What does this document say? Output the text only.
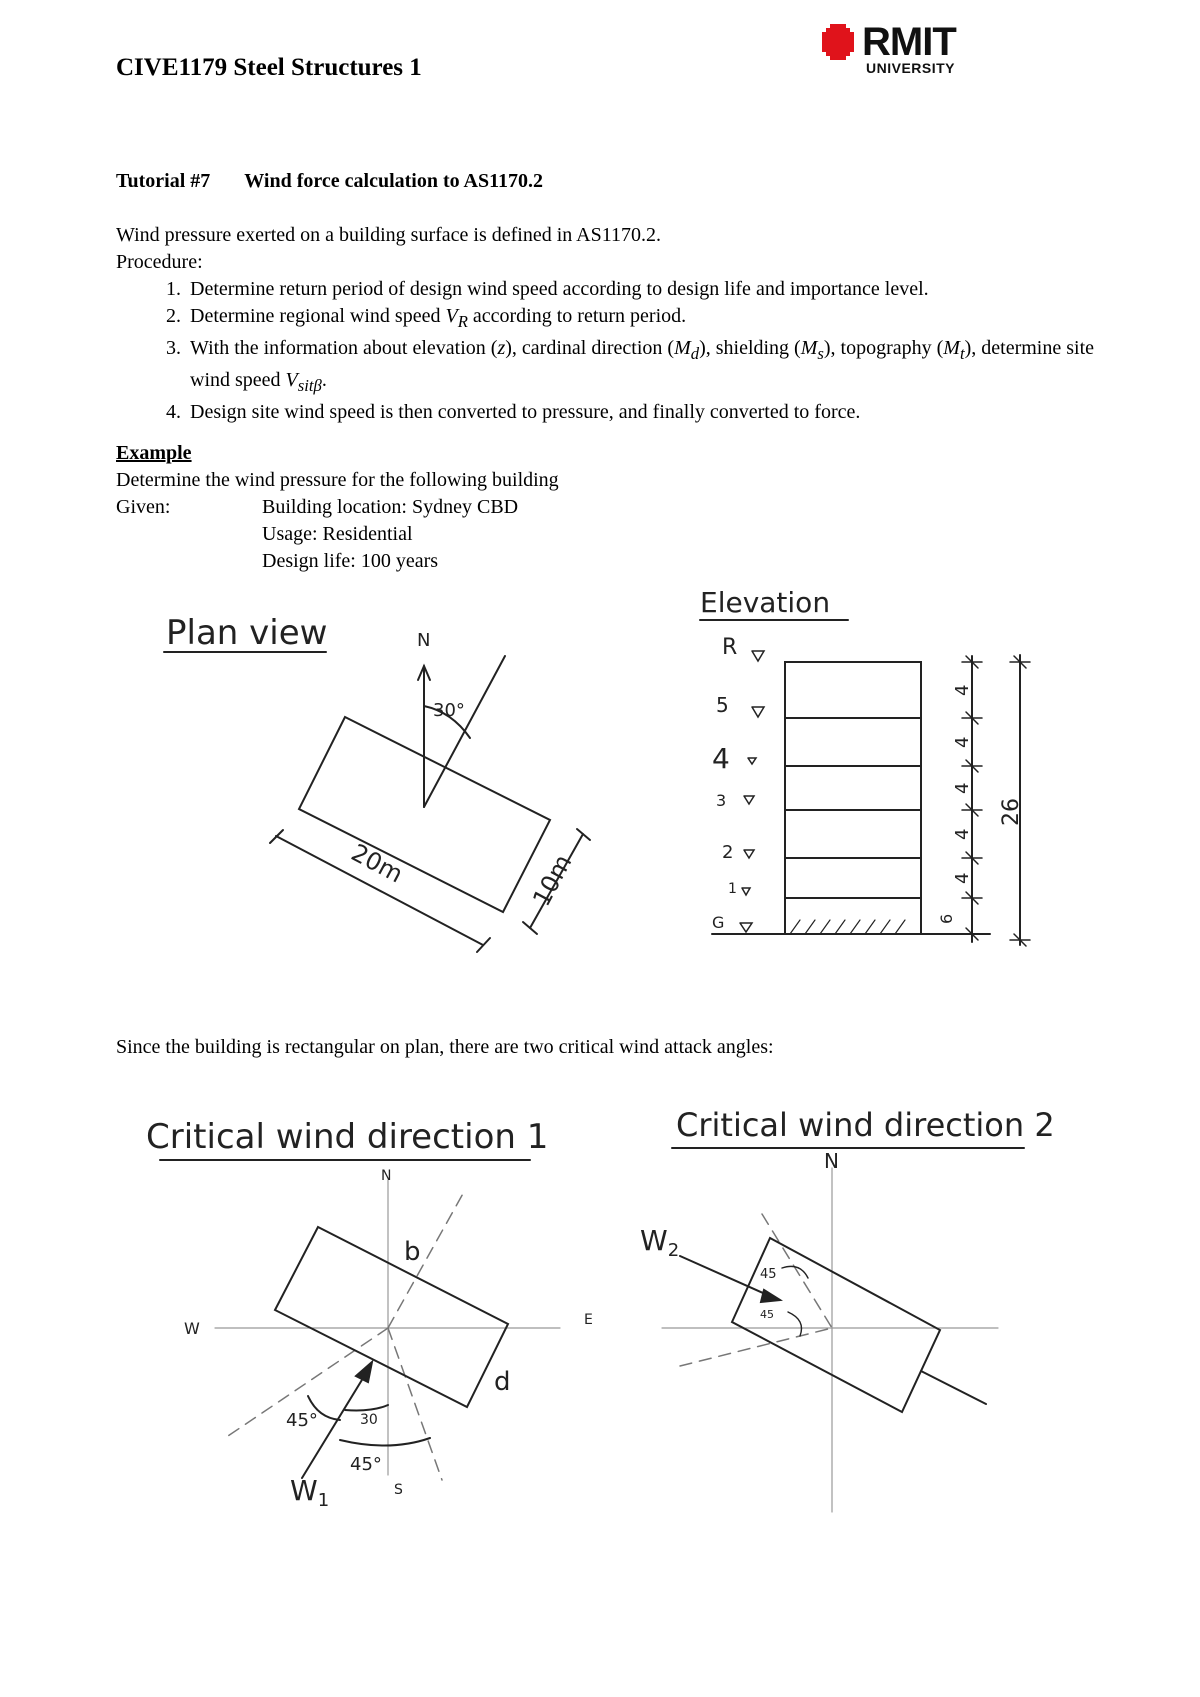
CIVE1179 Steel Structures 1
RMIT
UNIVERSITY
Tutorial #7 Wind force calculation to AS1170.2
Wind pressure exerted on a building surface is defined in AS1170.2.
Procedure:
1. Determine return period of design wind speed according to design life and importance level.
2. Determine regional wind speed $V_R$ according to return period.
3. With the information about elevation (z), cardinal direction $(M_d)$, shielding $(M_s)$, topography $(M_t)$, determine site wind speed $V_{sit\beta}$.
4. Design site wind speed is then converted to pressure, and finally converted to force.
Example
Determine the wind pressure for the following building
Given:	Building location: Sydney CBD
Usage: Residential
Design life: 100 years
Since the building is rectangular on plan, there are two critical wind attack angles:
Plan view	N
30°
20m	10m
Elevation
R
5
4
3
2
1
G
4
4
4
4
4
6
26
Critical wind direction 1
N
S
E
W
b
d
$W_1$
45°	30
45°
Critical wind direction 2
N
$W_2$
45
45
